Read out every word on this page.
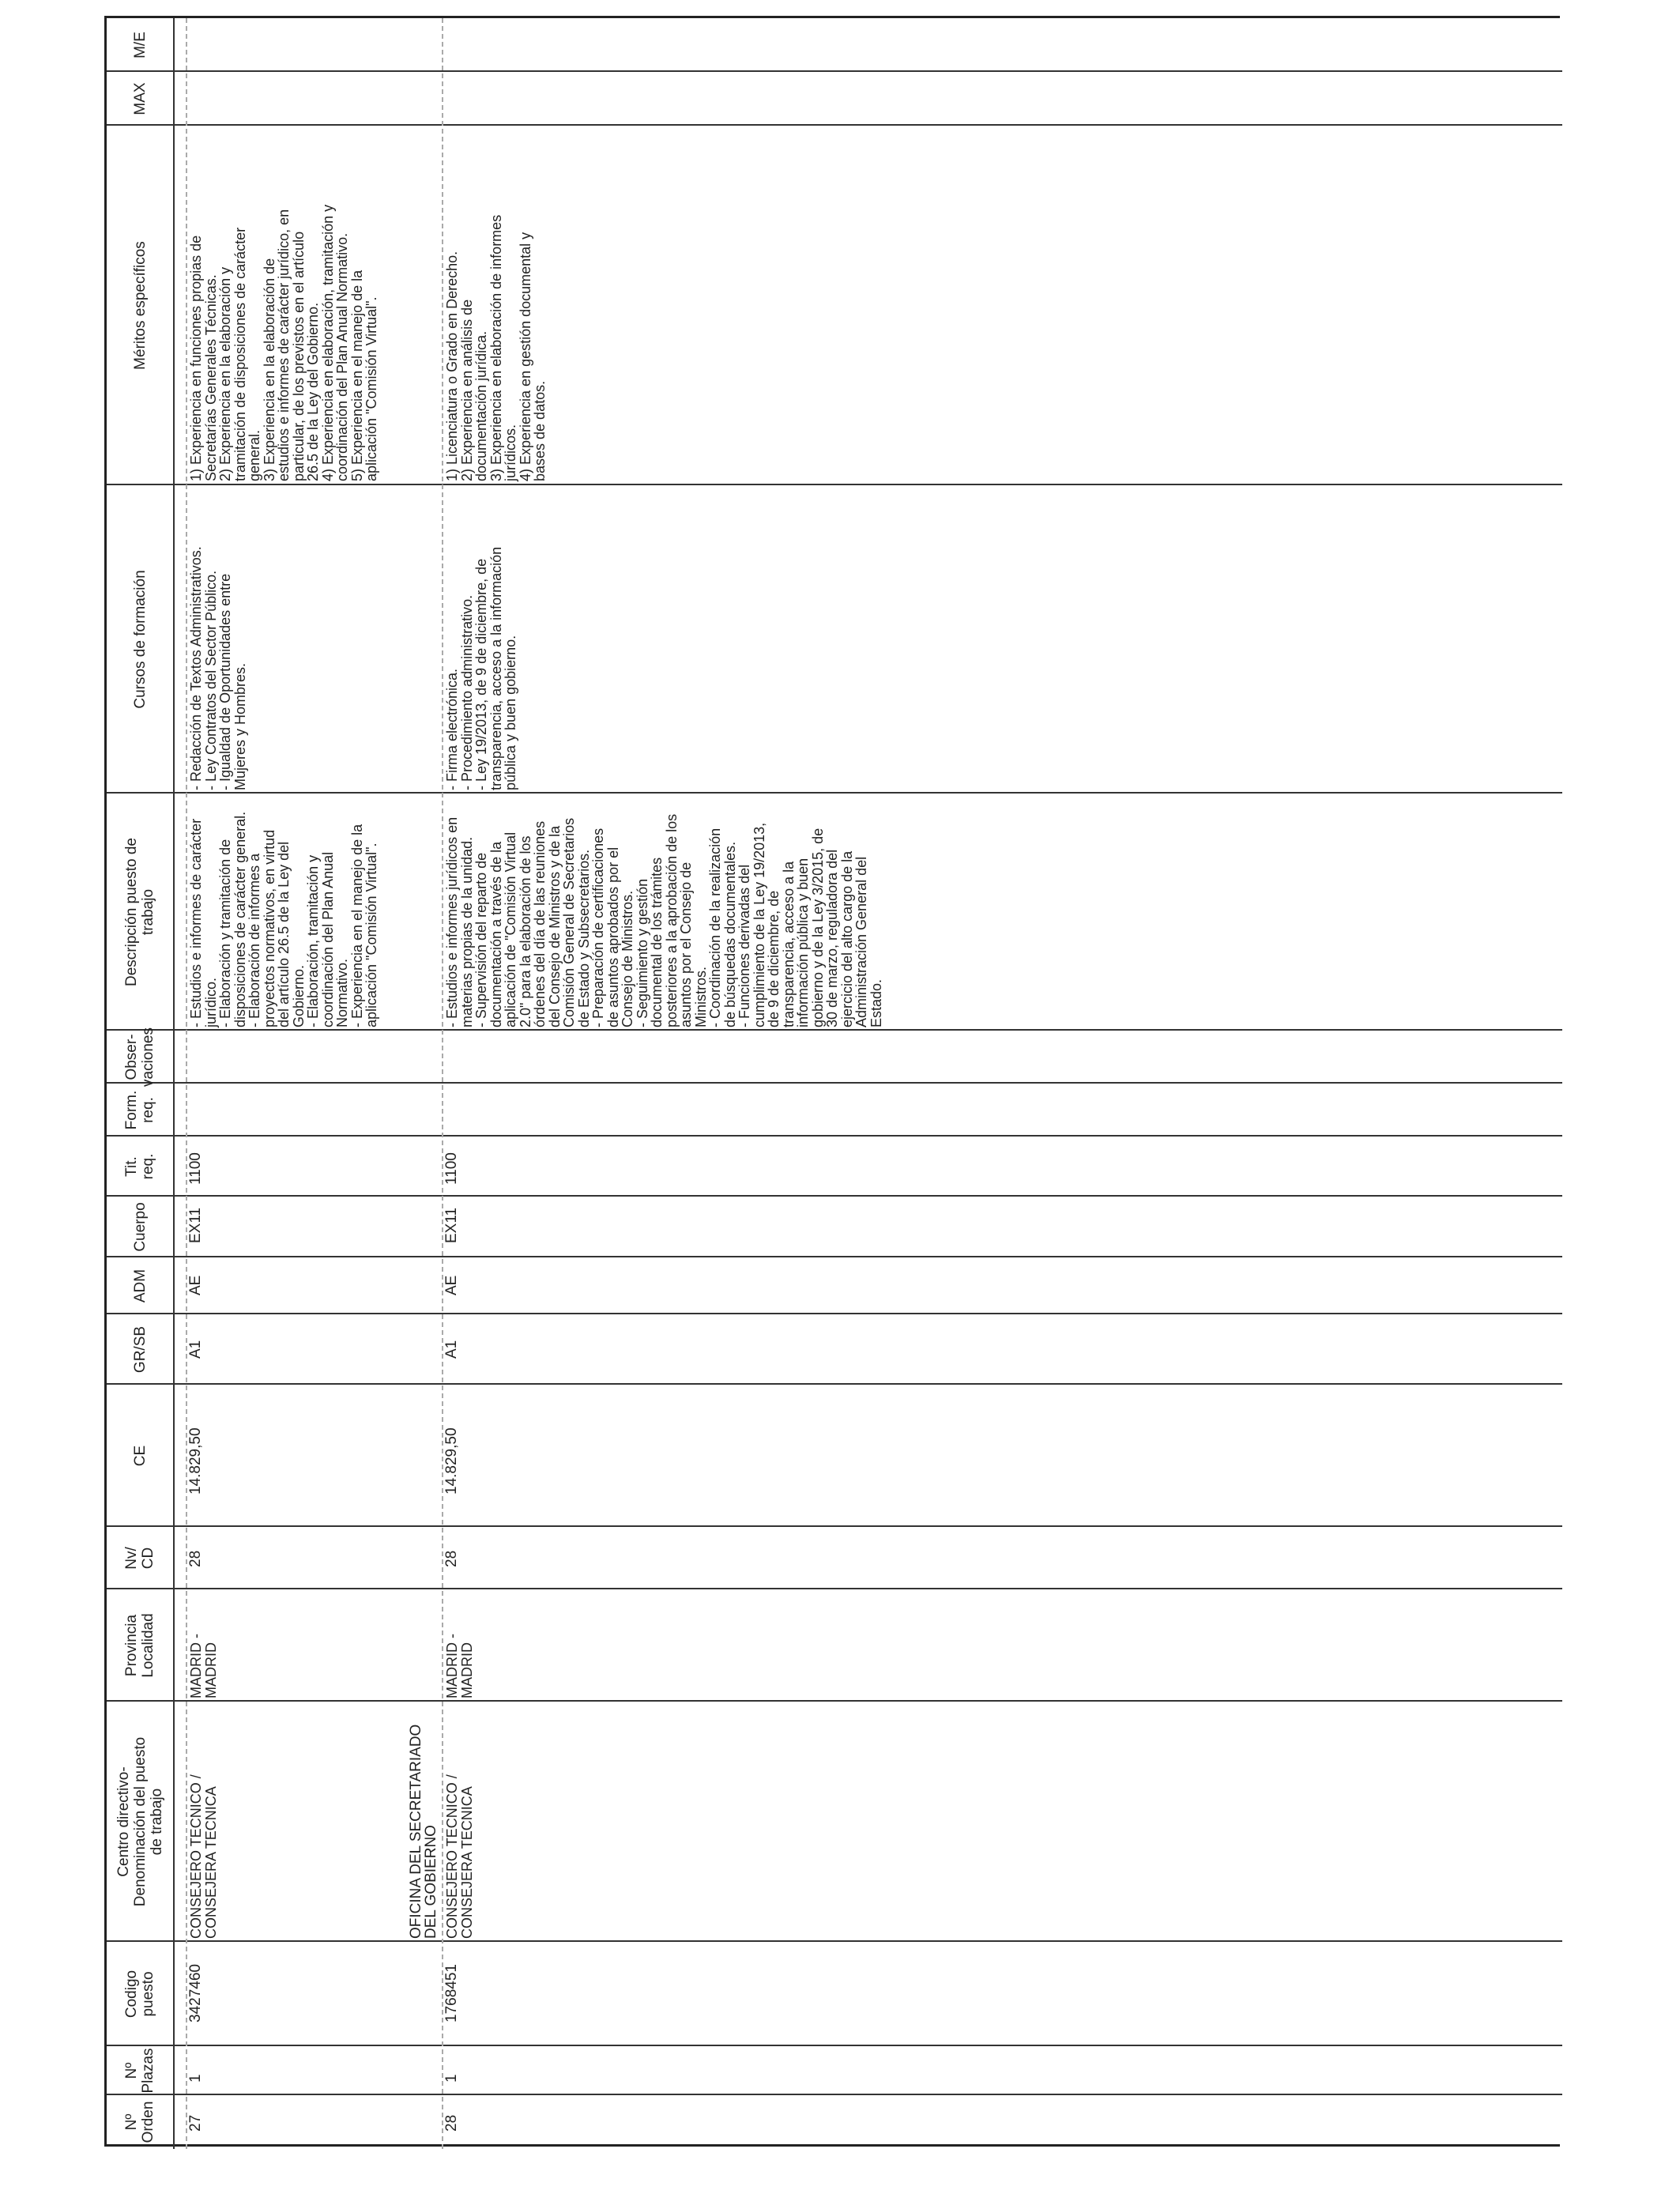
Nº
Orden
Nº
Plazas
Codigo
puesto
Centro directivo-
Denominación del puesto
de trabajo
Provincia
Localidad
Nv/
CD
CE
GR/SB
ADM
Cuerpo
Tit.
req.
Form.
req.
Obser-
vaciones
Descripción puesto de
trabajo
Cursos de formación
Méritos específicos
MAX
M/E
27
1
3427460
CONSEJERO TECNICO /
CONSEJERA TECNICA
MADRID -
MADRID
28
14.829,50
A1
AE
EX11
1100
- Estudios e informes de carácter
jurídico.
- Elaboración y tramitación de
disposiciones de carácter general.
- Elaboración de informes a
proyectos normativos, en virtud
del artículo 26.5 de la Ley del
Gobierno.
- Elaboración, tramitación y
coordinación del Plan Anual
Normativo.
- Experiencia en el manejo de la
aplicación "Comisión Virtual".
- Redacción de Textos Administrativos.
- Ley Contratos del Sector Público.
- Igualdad de Oportunidades entre
Mujeres y Hombres.
1) Experiencia en funciones propias de
Secretarías Generales Técnicas.
2) Experiencia en la elaboración y
tramitación de disposiciones de carácter
general.
3) Experiencia en la elaboración de
estudios e informes de carácter jurídico, en
particular, de los previstos en el artículo
26.5 de la Ley del Gobierno.
4) Experiencia en elaboración, tramitación y
coordinación del Plan Anual Normativo.
5) Experiencia en el manejo de la
aplicación "Comisión Virtual".
OFICINA DEL SECRETARIADO
DEL GOBIERNO
28
1
1768451
CONSEJERO TECNICO /
CONSEJERA TECNICA
MADRID -
MADRID
28
14.829,50
A1
AE
EX11
1100
- Estudios e informes jurídicos en
materias propias de la unidad.
- Supervisión del reparto de
documentación a través de la
aplicación de "Comisión Virtual
2.0" para la elaboración de los
órdenes del día de las reuniones
del Consejo de Ministros y de la
Comisión General de Secretarios
de Estado y Subsecretarios.
- Preparación de certificaciones
de asuntos aprobados por el
Consejo de Ministros.
- Seguimiento y gestión
documental de los trámites
posteriores a la aprobación de los
asuntos por el Consejo de
Ministros.
- Coordinación de la realización
de búsquedas documentales.
- Funciones derivadas del
cumplimiento de la Ley 19/2013,
de 9 de diciembre, de
transparencia, acceso a la
información pública y buen
gobierno y de la Ley 3/2015, de
30 de marzo, reguladora del
ejercicio del alto cargo de la
Administración General del
Estado.
- Firma electrónica.
- Procedimiento administrativo.
- Ley 19/2013, de 9 de diciembre, de
transparencia, acceso a la información
pública y buen gobierno.
1) Licenciatura o Grado en Derecho.
2) Experiencia en análisis de
documentación jurídica.
3) Experiencia en elaboración de informes
jurídicos.
4) Experiencia en gestión documental y
bases de datos.
